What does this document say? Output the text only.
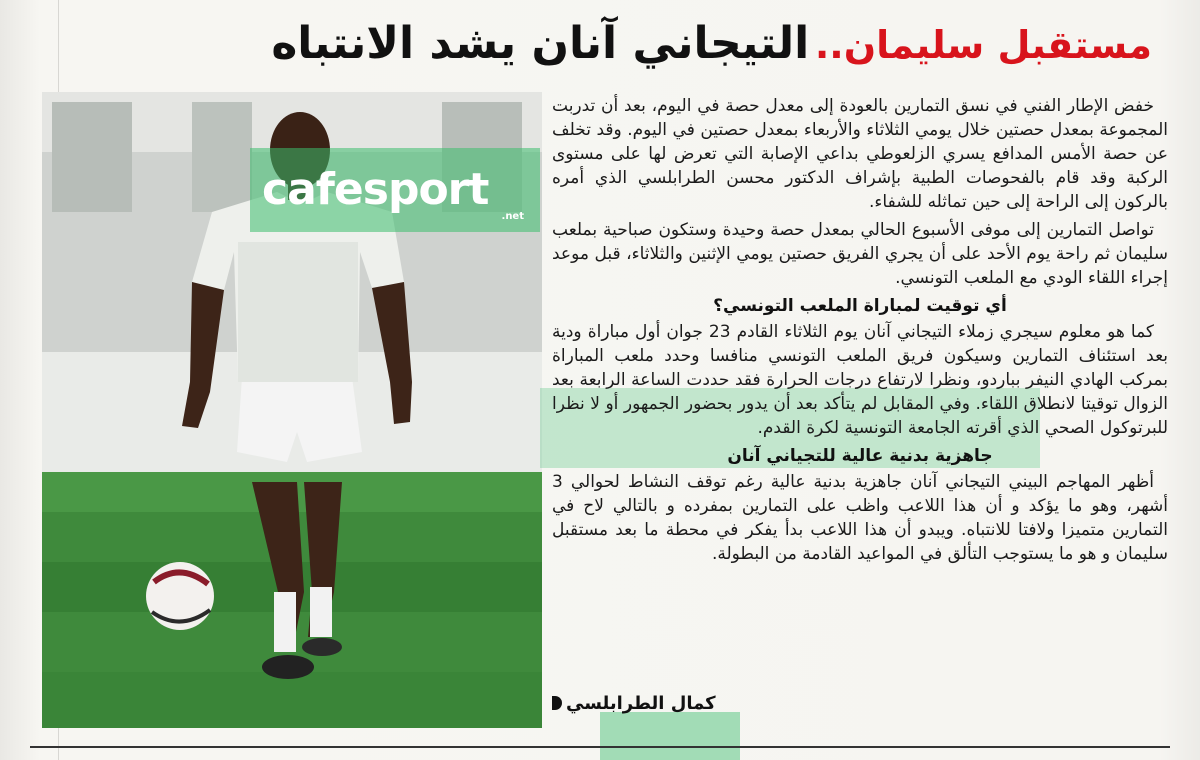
مستقبل سليمان.. التيجاني آنان يشد الانتباه
cafesport
.net

خفض الإطار الفني في نسق التمارين بالعودة إلى معدل حصة في اليوم، بعد أن تدربت المجموعة بمعدل حصتين خلال يومي الثلاثاء والأربعاء بمعدل حصتين في اليوم. وقد تخلف عن حصة الأمس المدافع يسري الزلعوطي بداعي الإصابة التي تعرض لها على مستوى الركبة وقد قام بالفحوصات الطبية بإشراف الدكتور محسن الطرابلسي الذي أمره بالركون إلى الراحة إلى حين تماثله للشفاء.

تواصل التمارين إلى موفى الأسبوع الحالي بمعدل حصة وحيدة وستكون صباحية بملعب سليمان ثم راحة يوم الأحد على أن يجري الفريق حصتين يومي الإثنين والثلاثاء، قبل موعد إجراء اللقاء الودي مع الملعب التونسي.

أي توقيت لمباراة الملعب التونسي؟

كما هو معلوم سيجري زملاء التيجاني آنان يوم الثلاثاء القادم 23 جوان أول مباراة ودية بعد استئناف التمارين وسيكون فريق الملعب التونسي منافسا وحدد ملعب المباراة بمركب الهادي النيفر بباردو، ونظرا لارتفاع درجات الحرارة فقد حددت الساعة الرابعة بعد الزوال توقيتا لانطلاق اللقاء. وفي المقابل لم يتأكد بعد أن يدور بحضور الجمهور أو لا نظرا للبرتوكول الصحي الذي أقرته الجامعة التونسية لكرة القدم.

جاهزية بدنية عالية للتجياني آنان

أظهر المهاجم البيني التيجاني آنان جاهزية بدنية عالية رغم توقف النشاط لحوالي 3 أشهر، وهو ما يؤكد و أن هذا اللاعب واظب على التمارين بمفرده و بالتالي لاح في التمارين متميزا ولافتا للانتباه. ويبدو أن هذا اللاعب بدأ يفكر في محطة ما بعد مستقبل سليمان و هو ما يستوجب التألق في المواعيد القادمة من البطولة.

كمال الطرابلسي
